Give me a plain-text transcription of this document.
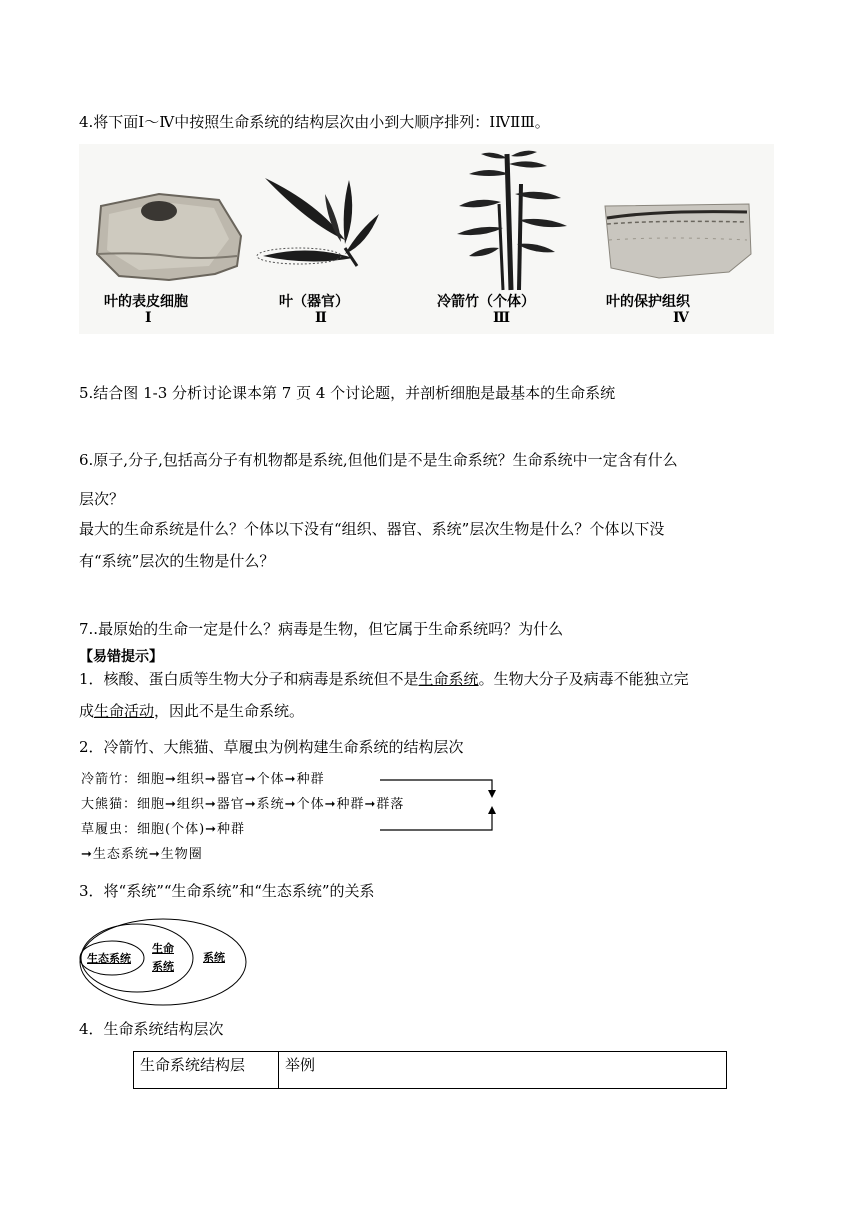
4.将下面Ⅰ～Ⅳ中按照生命系统的结构层次由小到大顺序排列：ⅠⅣⅡⅢ。
叶的表皮细胞
Ⅰ
叶（器官）
Ⅱ
冷箭竹（个体）
Ⅲ
叶的保护组织
Ⅳ
5.结合图 1-3 分析讨论课本第 7 页 4 个讨论题，并剖析细胞是最基本的生命系统
6.原子,分子,包括高分子有机物都是系统,但他们是不是生命系统？生命系统中一定含有什么
层次？
最大的生命系统是什么？个体以下没有“组织、器官、系统”层次生物是什么？个体以下没
有“系统”层次的生物是什么？
7..最原始的生命一定是什么？病毒是生物，但它属于生命系统吗？为什么
【易错提示】
1．核酸、蛋白质等生物大分子和病毒是系统但不是生命系统。生物大分子及病毒不能独立完
成生命活动，因此不是生命系统。
2．冷箭竹、大熊猫、草履虫为例构建生命系统的结构层次
冷箭竹：细胞➞组织➞器官➞个体➞种群
大熊猫：细胞➞组织➞器官➞系统➞个体➞种群➞群落
草履虫：细胞(个体)➞种群
➞生态系统➞生物圈
3．将“系统”“生命系统”和“生态系统”的关系
生态系统
生命
系统
系统
4．生命系统结构层次
生命系统结构层	举例
